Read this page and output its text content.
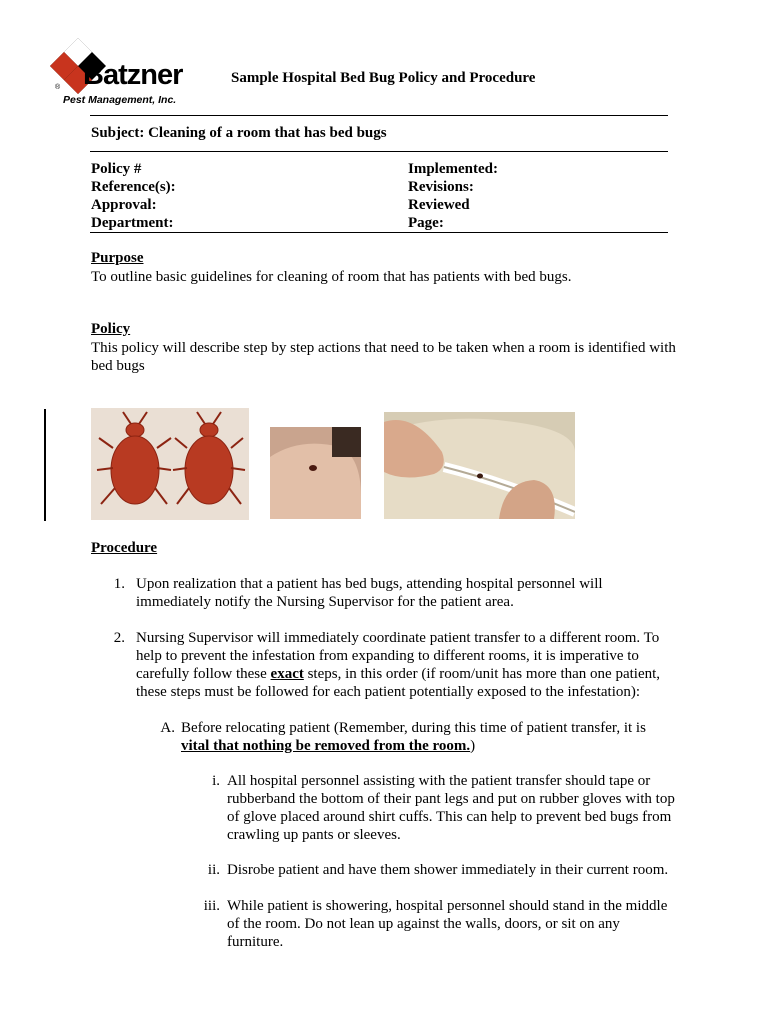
® Batzner
Pest Management, Inc.
Sample Hospital Bed Bug Policy and Procedure
Subject: Cleaning of a room that has bed bugs
Policy #
Reference(s):
Approval:
Department:
Implemented:
Revisions:
Reviewed
Page:
Purpose
To outline basic guidelines for cleaning of room that has patients with bed bugs.
Policy
This policy will describe step by step actions that need to be taken when a room is identified with
bed bugs
Procedure
1. Upon realization that a patient has bed bugs, attending hospital personnel will
immediately notify the Nursing Supervisor for the patient area.
2. Nursing Supervisor will immediately coordinate patient transfer to a different room. To
help to prevent the infestation from expanding to different rooms, it is imperative to
carefully follow these exact steps, in this order (if room/unit has more than one patient,
these steps must be followed for each patient potentially exposed to the infestation):
A. Before relocating patient (Remember, during this time of patient transfer, it is
vital that nothing be removed from the room.)
i. All hospital personnel assisting with the patient transfer should tape or
rubberband the bottom of their pant legs and put on rubber gloves with top
of glove placed around shirt cuffs. This can help to prevent bed bugs from
crawling up pants or sleeves.
ii. Disrobe patient and have them shower immediately in their current room.
iii. While patient is showering, hospital personnel should stand in the middle
of the room. Do not lean up against the walls, doors, or sit on any
furniture.
